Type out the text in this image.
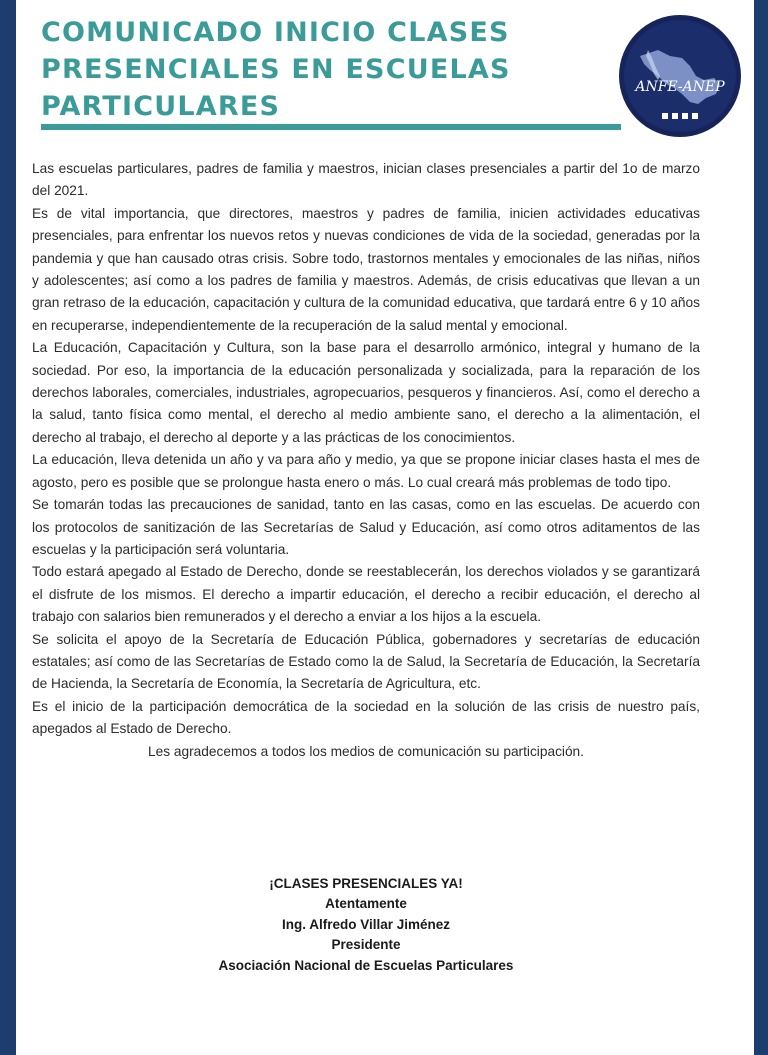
COMUNICADO INICIO CLASES PRESENCIALES EN ESCUELAS PARTICULARES
ANFE-ANEP

Las escuelas particulares, padres de familia y maestros, inician clases presenciales a partir del 1o de marzo del 2021.

Es de vital importancia, que directores, maestros y padres de familia, inicien actividades educativas presenciales, para enfrentar los nuevos retos y nuevas condiciones de vida de la sociedad, generadas por la pandemia y que han causado otras crisis. Sobre todo, trastornos mentales y emocionales de las niñas, niños y adolescentes; así como a los padres de familia y maestros. Además, de crisis educativas que llevan a un gran retraso de la educación, capacitación y cultura de la comunidad educativa, que tardará entre 6 y 10 años en recuperarse, independientemente de la recuperación de la salud mental y emocional.

La Educación, Capacitación y Cultura, son la base para el desarrollo armónico, integral y humano de la sociedad. Por eso, la importancia de la educación personalizada y socializada, para la reparación de los derechos laborales, comerciales, industriales, agropecuarios, pesqueros y financieros. Así, como el derecho a la salud, tanto física como mental, el derecho al medio ambiente sano, el derecho a la alimentación, el derecho al trabajo, el derecho al deporte y a las prácticas de los conocimientos.

La educación, lleva detenida un año y va para año y medio, ya que se propone iniciar clases hasta el mes de agosto, pero es posible que se prolongue hasta enero o más. Lo cual creará más problemas de todo tipo.

Se tomarán todas las precauciones de sanidad, tanto en las casas, como en las escuelas. De acuerdo con los protocolos de sanitización de las Secretarías de Salud y Educación, así como otros aditamentos de las escuelas y la participación será voluntaria.

Todo estará apegado al Estado de Derecho, donde se reestablecerán, los derechos violados y se garantizará el disfrute de los mismos. El derecho a impartir educación, el derecho a recibir educación, el derecho al trabajo con salarios bien remunerados y el derecho a enviar a los hijos a la escuela.

Se solicita el apoyo de la Secretaría de Educación Pública, gobernadores y secretarías de educación estatales; así como de las Secretarías de Estado como la de Salud, la Secretaría de Educación, la Secretaría de Hacienda, la Secretaría de Economía, la Secretaría de Agricultura, etc.

Es el inicio de la participación democrática de la sociedad en la solución de las crisis de nuestro país, apegados al Estado de Derecho.

Les agradecemos a todos los medios de comunicación su participación.

¡CLASES PRESENCIALES YA!
Atentamente
Ing. Alfredo Villar Jiménez
Presidente
Asociación Nacional de Escuelas Particulares
